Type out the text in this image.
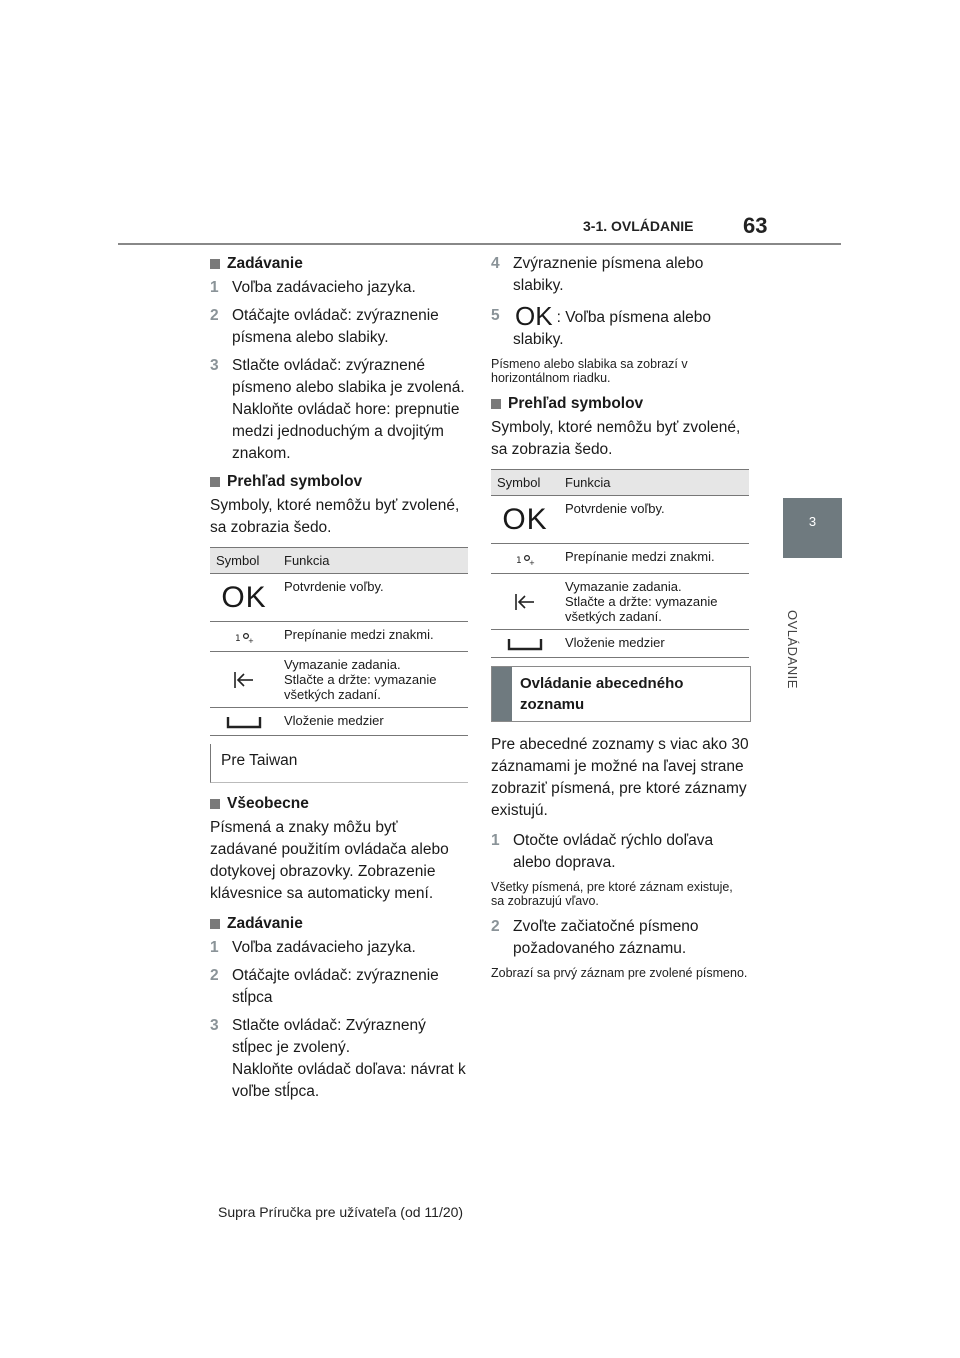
3-1. OVLÁDANIE 63
3
OVLÁDANIE
Zadávanie
1 Voľba zadávacieho jazyka.
2 Otáčajte ovládač: zvýraznenie písmena alebo slabiky.
3 Stlačte ovládač: zvýraznené písmeno alebo slabika je zvolená.
Nakloňte ovládač hore: prepnutie medzi jednoduchým a dvojitým znakom.
Prehľad symbolov

Symboly, ktoré nemôžu byť zvolené, sa zobrazia šedo.

Symbol	Funkcia
OK	Potvrdenie voľby.

1 +	Prepínanie medzi znakmi.

	Vymazanie zadania.
Stlačte a držte: vymazanie všetkých zadaní.

	Vloženie medzier
Pre Taiwan
Všeobecne

Písmená a znaky môžu byť zadávané použitím ovládača alebo dotykovej obrazovky. Zobrazenie klávesnice sa automaticky mení.

Zadávanie
1 Voľba zadávacieho jazyka.
2 Otáčajte ovládač: zvýraznenie stĺpca
3 Stlačte ovládač: Zvýraznený stĺpec je zvolený.
Nakloňte ovládač doľava: návrat k voľbe stĺpca.
4 Zvýraznenie písmena alebo slabiky.
5 OK : Voľba písmena alebo slabiky.

Písmeno alebo slabika sa zobrazí v horizontálnom riadku.

Prehľad symbolov

Symboly, ktoré nemôžu byť zvolené, sa zobrazia šedo.

Symbol	Funkcia
OK	Potvrdenie voľby.

1 +	Prepínanie medzi znakmi.

	Vymazanie zadania.
Stlačte a držte: vymazanie všetkých zadaní.

	Vloženie medzier
Ovládanie abecedného zoznamu

Pre abecedné zoznamy s viac ako 30 záznamami je možné na ľavej strane zobraziť písmená, pre ktoré záznamy existujú.

1 Otočte ovládač rýchlo doľava alebo doprava.

Všetky písmená, pre ktoré záznam existuje, sa zobrazujú vľavo.

2 Zvoľte začiatočné písmeno požadovaného záznamu.

Zobrazí sa prvý záznam pre zvolené písmeno.

Supra Príručka pre užívateľa (od 11/20)
